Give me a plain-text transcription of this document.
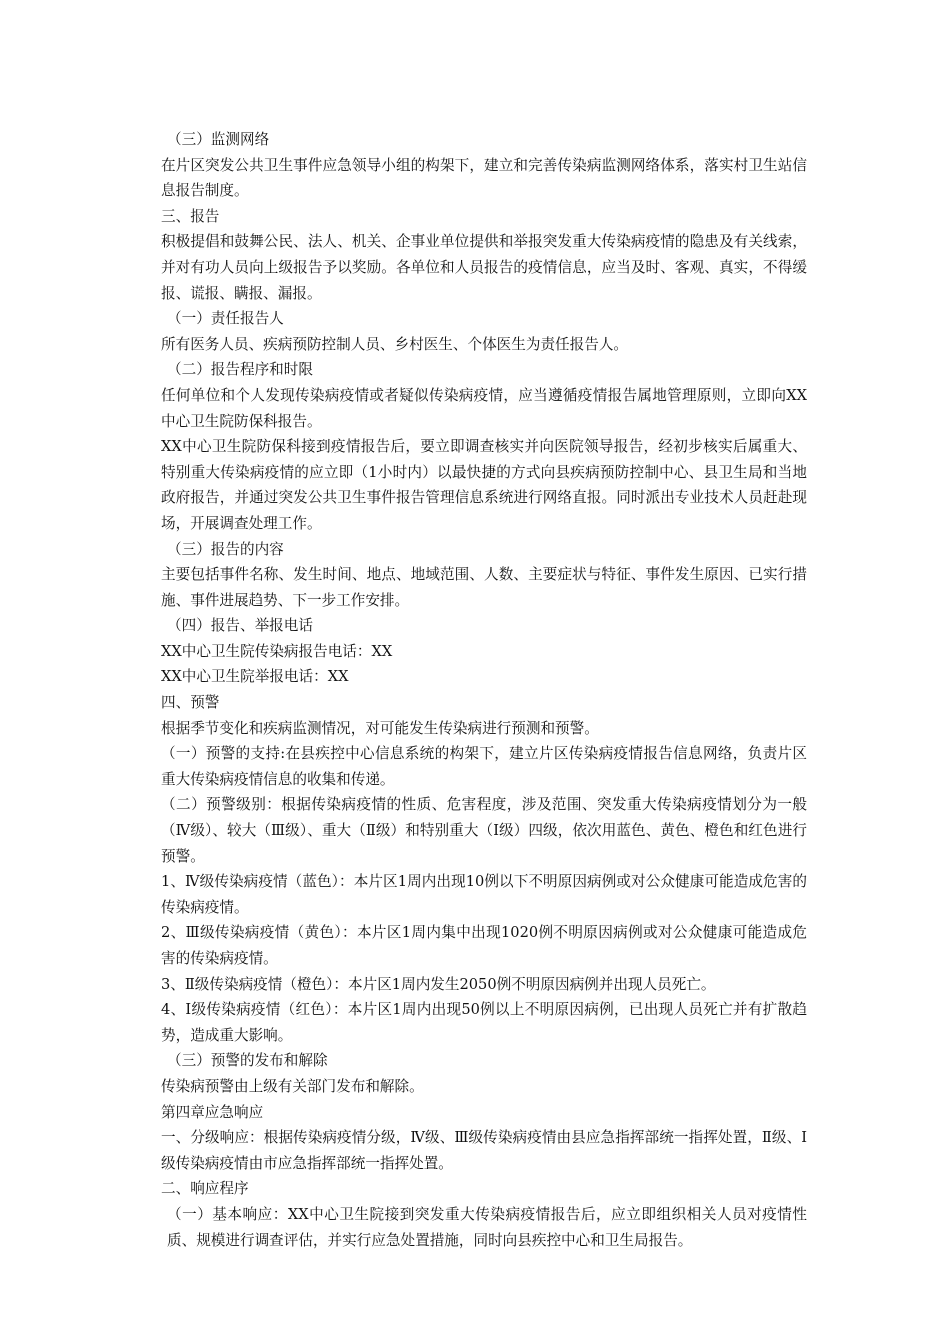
（三）监测网络

在片区突发公共卫生事件应急领导小组的构架下，建立和完善传染病监测网络体系，落实村卫生站信息报告制度。

三、报告

积极提倡和鼓舞公民、法人、机关、企事业单位提供和举报突发重大传染病疫情的隐患及有关线索，并对有功人员向上级报告予以奖励。各单位和人员报告的疫情信息，应当及时、客观、真实，不得缓报、谎报、瞒报、漏报。

（一）责任报告人

所有医务人员、疾病预防控制人员、乡村医生、个体医生为责任报告人。

（二）报告程序和时限

任何单位和个人发现传染病疫情或者疑似传染病疫情，应当遵循疫情报告属地管理原则，立即向XX中心卫生院防保科报告。

XX中心卫生院防保科接到疫情报告后，要立即调查核实并向医院领导报告，经初步核实后属重大、特别重大传染病疫情的应立即（1小时内）以最快捷的方式向县疾病预防控制中心、县卫生局和当地政府报告，并通过突发公共卫生事件报告管理信息系统进行网络直报。同时派出专业技术人员赶赴现场，开展调查处理工作。

（三）报告的内容

主要包括事件名称、发生时间、地点、地域范围、人数、主要症状与特征、事件发生原因、已实行措施、事件进展趋势、下一步工作安排。

（四）报告、举报电话

XX中心卫生院传染病报告电话：XX

XX中心卫生院举报电话：XX

四、预警

根据季节变化和疾病监测情况，对可能发生传染病进行预测和预警。

（一）预警的支持:在县疾控中心信息系统的构架下，建立片区传染病疫情报告信息网络，负责片区重大传染病疫情信息的收集和传递。

（二）预警级别：根据传染病疫情的性质、危害程度，涉及范围、突发重大传染病疫情划分为一般（Ⅳ级）、较大（Ⅲ级）、重大（Ⅱ级）和特别重大（Ⅰ级）四级，依次用蓝色、黄色、橙色和红色进行预警。

1、Ⅳ级传染病疫情（蓝色）：本片区1周内出现10例以下不明原因病例或对公众健康可能造成危害的传染病疫情。

2、Ⅲ级传染病疫情（黄色）：本片区1周内集中出现1020例不明原因病例或对公众健康可能造成危害的传染病疫情。

3、Ⅱ级传染病疫情（橙色）：本片区1周内发生2050例不明原因病例并出现人员死亡。

4、Ⅰ级传染病疫情（红色）：本片区1周内出现50例以上不明原因病例，已出现人员死亡并有扩散趋势，造成重大影响。

（三）预警的发布和解除

传染病预警由上级有关部门发布和解除。

第四章应急响应

一、分级响应：根据传染病疫情分级，Ⅳ级、Ⅲ级传染病疫情由县应急指挥部统一指挥处置，Ⅱ级、Ⅰ级传染病疫情由市应急指挥部统一指挥处置。

二、响应程序

（一）基本响应：XX中心卫生院接到突发重大传染病疫情报告后，应立即组织相关人员对疫情性质、规模进行调查评估，并实行应急处置措施，同时向县疾控中心和卫生局报告。
